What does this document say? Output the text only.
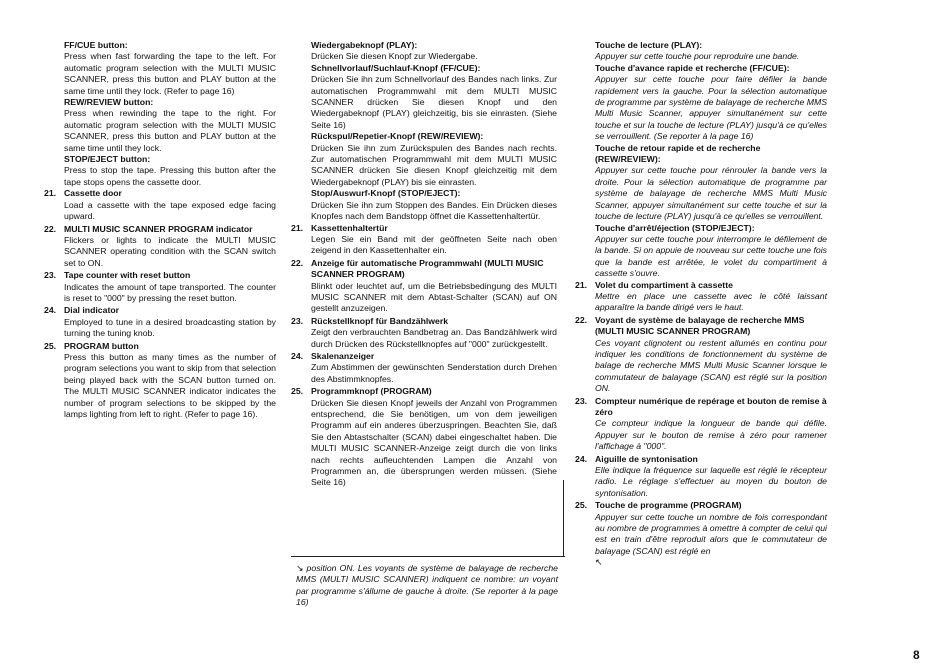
FF/CUE button:
Press when fast forwarding the tape to the left. For automatic program selection with the MULTI MUSIC SCANNER, press this button and PLAY button at the same time until they lock. (Refer to page 16)
REW/REVIEW button:
Press when rewinding the tape to the right. For automatic program selection with the MULTI MUSIC SCANNER, press this button and PLAY button at the same time until they lock.
STOP/EJECT button:
Press to stop the tape. Pressing this button after the tape stops opens the cassette door.
21. Cassette door
Load a cassette with the tape exposed edge facing upward.
22. MULTI MUSIC SCANNER PROGRAM indicator
Flickers or lights to indicate the MULTI MUSIC SCANNER operating condition with the SCAN switch set to ON.
23. Tape counter with reset button
Indicates the amount of tape transported. The counter is reset to "000" by pressing the reset button.
24. Dial indicator
Employed to tune in a desired broadcasting station by turning the tuning knob.
25. PROGRAM button
Press this button as many times as the number of program selections you want to skip from that selection being played back with the SCAN button turned on. The MULTI MUSIC SCANNER indicator indicates the number of program selections to be skipped by the lamps lighting from left to right. (Refer to page 16).
Wiedergabeknopf (PLAY):
Drücken Sie diesen Knopf zur Wiedergabe.
Schnellvorlauf/Suchlauf-Knopf (FF/CUE):
Drücken Sie ihn zum Schnellvorlauf des Bandes nach links. Zur automatischen Programmwahl mit dem MULTI MUSIC SCANNER drücken Sie diesen Knopf und den Wiedergabeknopf (PLAY) gleichzeitig, bis sie einrasten. (Siehe Seite 16)
Rückspul/Repetier-Knopf (REW/REVIEW):
Drücken Sie ihn zum Zurückspulen des Bandes nach rechts. Zur automatischen Programmwahl mit dem MULTI MUSIC SCANNER drücken Sie diesen Knopf gleichzeitig mit dem Wiedergabeknopf (PLAY) bis sie einrasten.
Stop/Auswurf-Knopf (STOP/EJECT):
Drücken Sie ihn zum Stoppen des Bandes. Ein Drücken dieses Knopfes nach dem Bandstopp öffnet die Kassettenhaltertür.
21. Kassettenhaltertür
Legen Sie ein Band mit der geöffneten Seite nach oben zeigend in den Kassettenhalter ein.
22. Anzeige für automatische Programmwahl (MULTI MUSIC SCANNER PROGRAM)
Blinkt oder leuchtet auf, um die Betriebsbedingung des MULTI MUSIC SCANNER mit dem Abtast-Schalter (SCAN) auf ON gestellt anzuzeigen.
23. Rückstellknopf für Bandzählwerk
Zeigt den verbrauchten Bandbetrag an. Das Bandzählwerk wird durch Drücken des Rückstellknopfes auf "000" zurückgestellt.
24. Skalenanzeiger
Zum Abstimmen der gewünschten Senderstation durch Drehen des Abstimmknopfes.
25. Programmknopf (PROGRAM)
Drücken Sie diesen Knopf jeweils der Anzahl von Programmen entsprechend, die Sie benötigen, um von dem jeweiligen Programm auf ein anderes überzuspringen. Beachten Sie, daß Sie den Abtastschalter (SCAN) dabei eingeschaltet haben. Die MULTI MUSIC SCANNER-Anzeige zeigt durch die von links nach rechts aufleuchtenden Lampen die Anzahl von Programmen an, die übersprungen werden müssen. (Siehe Seite 16)
↘ position ON. Les voyants de système de balayage de recherche MMS (MULTI MUSIC SCANNER) indiquent ce nombre: un voyant par programme s'állume de gauche à droite. (Se reporter à la page 16)
Touche de lecture (PLAY):
Appuyer sur cette touche pour reproduire une bande.
Touche d'avance rapide et recherche (FF/CUE):
Appuyer sur cette touche pour faire défiler la bande rapidement vers la gauche. Pour la sélection automatique de programme par système de balayage de recherche MMS Multi Music Scanner, appuyer simultanément sur cette touche et sur la touche de lecture (PLAY) jusqu'à ce qu'elles se verrouillent. (Se reporter à la page 16)
Touche de retour rapide et de recherche (REW/REVIEW):
Appuyer sur cette touche pour rénrouler la bande vers la droite. Pour la sélection automatique de programme par système de balayage de recherche MMS Multi Music Scanner, appuyer simultanément sur cette touche et sur la touche de lecture (PLAY) jusqu'à ce qu'elles se verrouillent.
Touche d'arrêt/éjection (STOP/EJECT):
Appuyer sur cette touche pour interrompre le défilement de la bande. Si on appuie de nouveau sur cette touche une fois que la bande est arrêtée, le volet du compartiment à cassette s'ouvre.
21. Volet du compartiment à cassette
Mettre en place une cassette avec le côté laissant apparaître la bande dirigé vers le haut.
22. Voyant de système de balayage de recherche MMS (MULTI MUSIC SCANNER PROGRAM)
Ces voyant clignotent ou restent allumés en continu pour indiquer les conditions de fonctionnement du système de balage de recherche MMS Multi Music Scanner lorsque le commutateur de balayage (SCAN) est réglé sur la position ON.
23. Compteur numérique de repérage et bouton de remise à zéro
Ce compteur indique la longueur de bande qui défile. Appuyer sur le bouton de remise à zéro pour ramener l'affichage à "000".
24. Aiguille de syntonisation
Elle indique la fréquence sur laquelle est réglé le récepteur radio. Le réglage s'effectuer au moyen du bouton de syntonisation.
25. Touche de programme (PROGRAM)
Appuyer sur cette touche un nombre de fois correspondant au nombre de programmes à omettre à compter de celui qui est en train d'être reproduit alors que le commutateur de balayage (SCAN) est réglé en
↖
8
